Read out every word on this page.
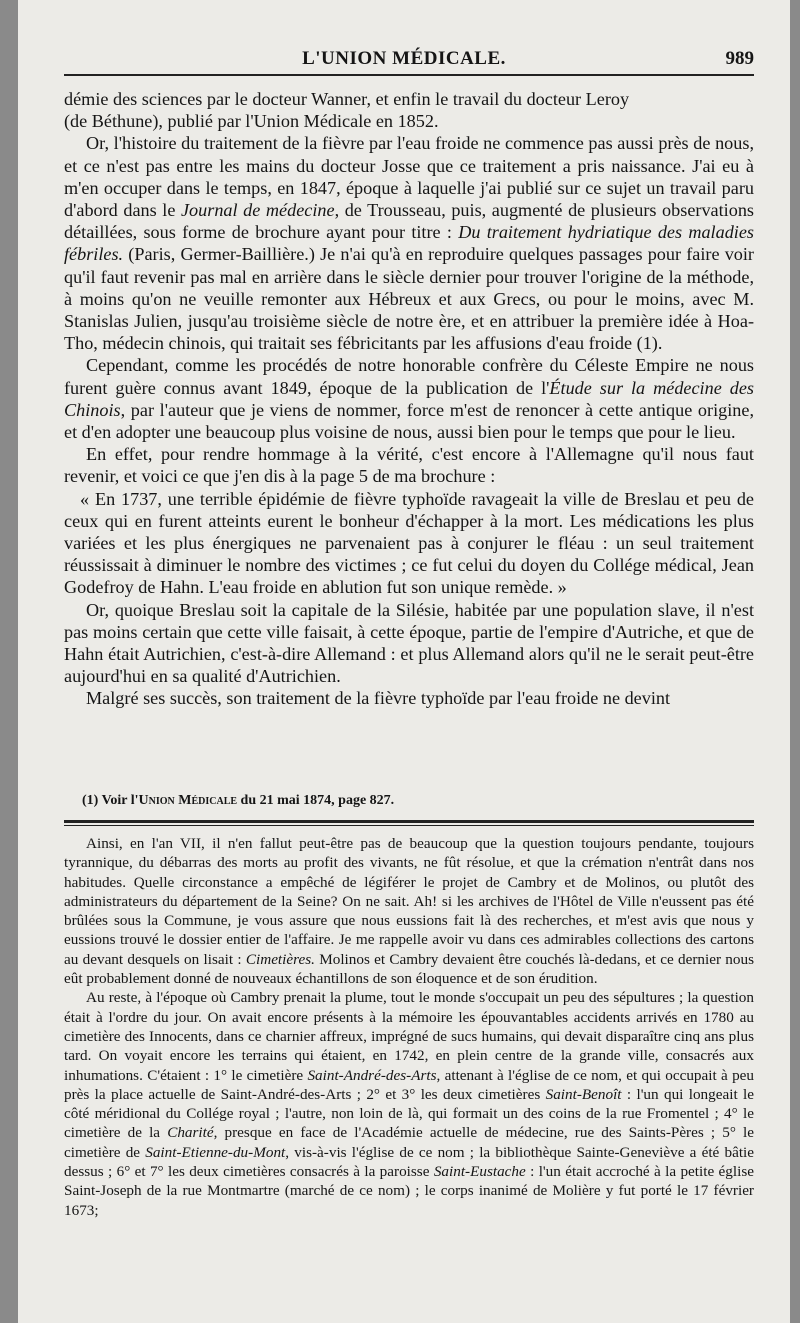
L'UNION MÉDICALE.	989

démie des sciences par le docteur Wanner, et enfin le travail du docteur Leroy
(de Béthune), publié par l'Union Médicale en 1852.

Or, l'histoire du traitement de la fièvre par l'eau froide ne commence pas aussi près de nous, et ce n'est pas entre les mains du docteur Josse que ce traitement a pris naissance. J'ai eu à m'en occuper dans le temps, en 1847, époque à laquelle j'ai publié sur ce sujet un travail paru d'abord dans le Journal de médecine, de Trousseau, puis, augmenté de plusieurs observations détaillées, sous forme de brochure ayant pour titre : Du traitement hydriatique des maladies fébriles. (Paris, Germer-Baillière.) Je n'ai qu'à en reproduire quelques passages pour faire voir qu'il faut revenir pas mal en arrière dans le siècle dernier pour trouver l'origine de la méthode, à moins qu'on ne veuille remonter aux Hébreux et aux Grecs, ou pour le moins, avec M. Stanislas Julien, jusqu'au troisième siècle de notre ère, et en attribuer la première idée à Hoa-Tho, médecin chinois, qui traitait ses fébricitants par les affusions d'eau froide (1).

Cependant, comme les procédés de notre honorable confrère du Céleste Empire ne nous furent guère connus avant 1849, époque de la publication de l'Étude sur la médecine des Chinois, par l'auteur que je viens de nommer, force m'est de renoncer à cette antique origine, et d'en adopter une beaucoup plus voisine de nous, aussi bien pour le temps que pour le lieu.

En effet, pour rendre hommage à la vérité, c'est encore à l'Allemagne qu'il nous faut revenir, et voici ce que j'en dis à la page 5 de ma brochure :

« En 1737, une terrible épidémie de fièvre typhoïde ravageait la ville de Breslau et peu de ceux qui en furent atteints eurent le bonheur d'échapper à la mort. Les médications les plus variées et les plus énergiques ne parvenaient pas à conjurer le fléau : un seul traitement réussissait à diminuer le nombre des victimes ; ce fut celui du doyen du Collége médical, Jean Godefroy de Hahn. L'eau froide en ablution fut son unique remède. »

Or, quoique Breslau soit la capitale de la Silésie, habitée par une population slave, il n'est pas moins certain que cette ville faisait, à cette époque, partie de l'empire d'Autriche, et que de Hahn était Autrichien, c'est-à-dire Allemand : et plus Allemand alors qu'il ne le serait peut-être aujourd'hui en sa qualité d'Autrichien.

Malgré ses succès, son traitement de la fièvre typhoïde par l'eau froide ne devint

(1) Voir l'Union Médicale du 21 mai 1874, page 827.

Ainsi, en l'an VII, il n'en fallut peut-être pas de beaucoup que la question toujours pendante, toujours tyrannique, du débarras des morts au profit des vivants, ne fût résolue, et que la crémation n'entrât dans nos habitudes. Quelle circonstance a empêché de légiférer le projet de Cambry et de Molinos, ou plutôt des administrateurs du département de la Seine? On ne sait. Ah! si les archives de l'Hôtel de Ville n'eussent pas été brûlées sous la Commune, je vous assure que nous eussions fait là des recherches, et m'est avis que nous y eussions trouvé le dossier entier de l'affaire. Je me rappelle avoir vu dans ces admirables collections des cartons au devant desquels on lisait : Cimetières. Molinos et Cambry devaient être couchés là-dedans, et ce dernier nous eût probablement donné de nouveaux échantillons de son éloquence et de son érudition.

Au reste, à l'époque où Cambry prenait la plume, tout le monde s'occupait un peu des sépultures ; la question était à l'ordre du jour. On avait encore présents à la mémoire les épouvantables accidents arrivés en 1780 au cimetière des Innocents, dans ce charnier affreux, imprégné de sucs humains, qui devait disparaître cinq ans plus tard. On voyait encore les terrains qui étaient, en 1742, en plein centre de la grande ville, consacrés aux inhumations. C'étaient : 1° le cimetière Saint-André-des-Arts, attenant à l'église de ce nom, et qui occupait à peu près la place actuelle de Saint-André-des-Arts ; 2° et 3° les deux cimetières Saint-Benoît : l'un qui longeait le côté méridional du Collége royal ; l'autre, non loin de là, qui formait un des coins de la rue Fromentel ; 4° le cimetière de la Charité, presque en face de l'Académie actuelle de médecine, rue des Saints-Pères ; 5° le cimetière de Saint-Etienne-du-Mont, vis-à-vis l'église de ce nom ; la bibliothèque Sainte-Geneviève a été bâtie dessus ; 6° et 7° les deux cimetières consacrés à la paroisse Saint-Eustache : l'un était accroché à la petite église Saint-Joseph de la rue Montmartre (marché de ce nom) ; le corps inanimé de Molière y fut porté le 17 février 1673;
